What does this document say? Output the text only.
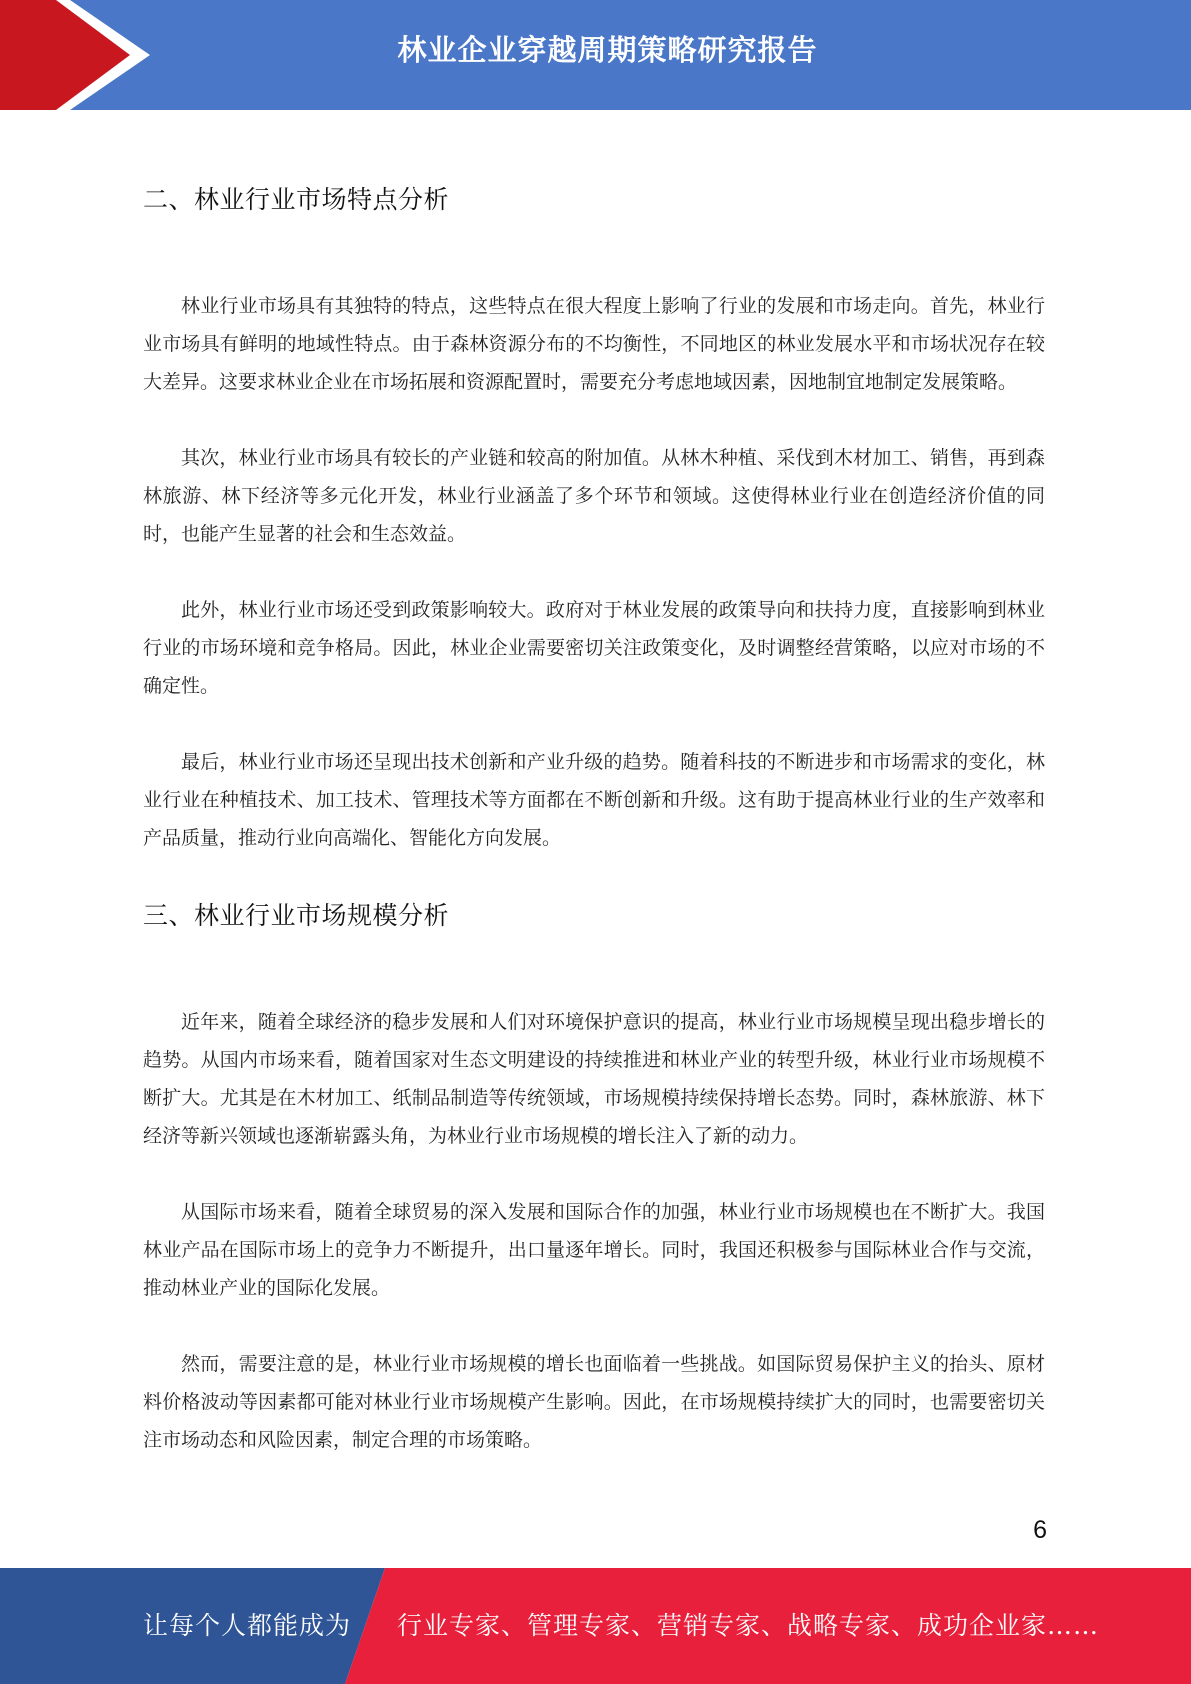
林业企业穿越周期策略研究报告
二、林业行业市场特点分析

林业行业市场具有其独特的特点，这些特点在很大程度上影响了行业的发展和市场走向。首先，林业行业市场具有鲜明的地域性特点。由于森林资源分布的不均衡性，不同地区的林业发展水平和市场状况存在较大差异。这要求林业企业在市场拓展和资源配置时，需要充分考虑地域因素，因地制宜地制定发展策略。

其次，林业行业市场具有较长的产业链和较高的附加值。从林木种植、采伐到木材加工、销售，再到森林旅游、林下经济等多元化开发，林业行业涵盖了多个环节和领域。这使得林业行业在创造经济价值的同时，也能产生显著的社会和生态效益。

此外，林业行业市场还受到政策影响较大。政府对于林业发展的政策导向和扶持力度，直接影响到林业行业的市场环境和竞争格局。因此，林业企业需要密切关注政策变化，及时调整经营策略，以应对市场的不确定性。

最后，林业行业市场还呈现出技术创新和产业升级的趋势。随着科技的不断进步和市场需求的变化，林业行业在种植技术、加工技术、管理技术等方面都在不断创新和升级。这有助于提高林业行业的生产效率和产品质量，推动行业向高端化、智能化方向发展。

三、林业行业市场规模分析

近年来，随着全球经济的稳步发展和人们对环境保护意识的提高，林业行业市场规模呈现出稳步增长的趋势。从国内市场来看，随着国家对生态文明建设的持续推进和林业产业的转型升级，林业行业市场规模不断扩大。尤其是在木材加工、纸制品制造等传统领域，市场规模持续保持增长态势。同时，森林旅游、林下经济等新兴领域也逐渐崭露头角，为林业行业市场规模的增长注入了新的动力。

从国际市场来看，随着全球贸易的深入发展和国际合作的加强，林业行业市场规模也在不断扩大。我国林业产品在国际市场上的竞争力不断提升，出口量逐年增长。同时，我国还积极参与国际林业合作与交流，推动林业产业的国际化发展。

然而，需要注意的是，林业行业市场规模的增长也面临着一些挑战。如国际贸易保护主义的抬头、原材料价格波动等因素都可能对林业行业市场规模产生影响。因此，在市场规模持续扩大的同时，也需要密切关注市场动态和风险因素，制定合理的市场策略。

6
让每个人都能成为 行业专家、管理专家、营销专家、战略专家、成功企业家……
